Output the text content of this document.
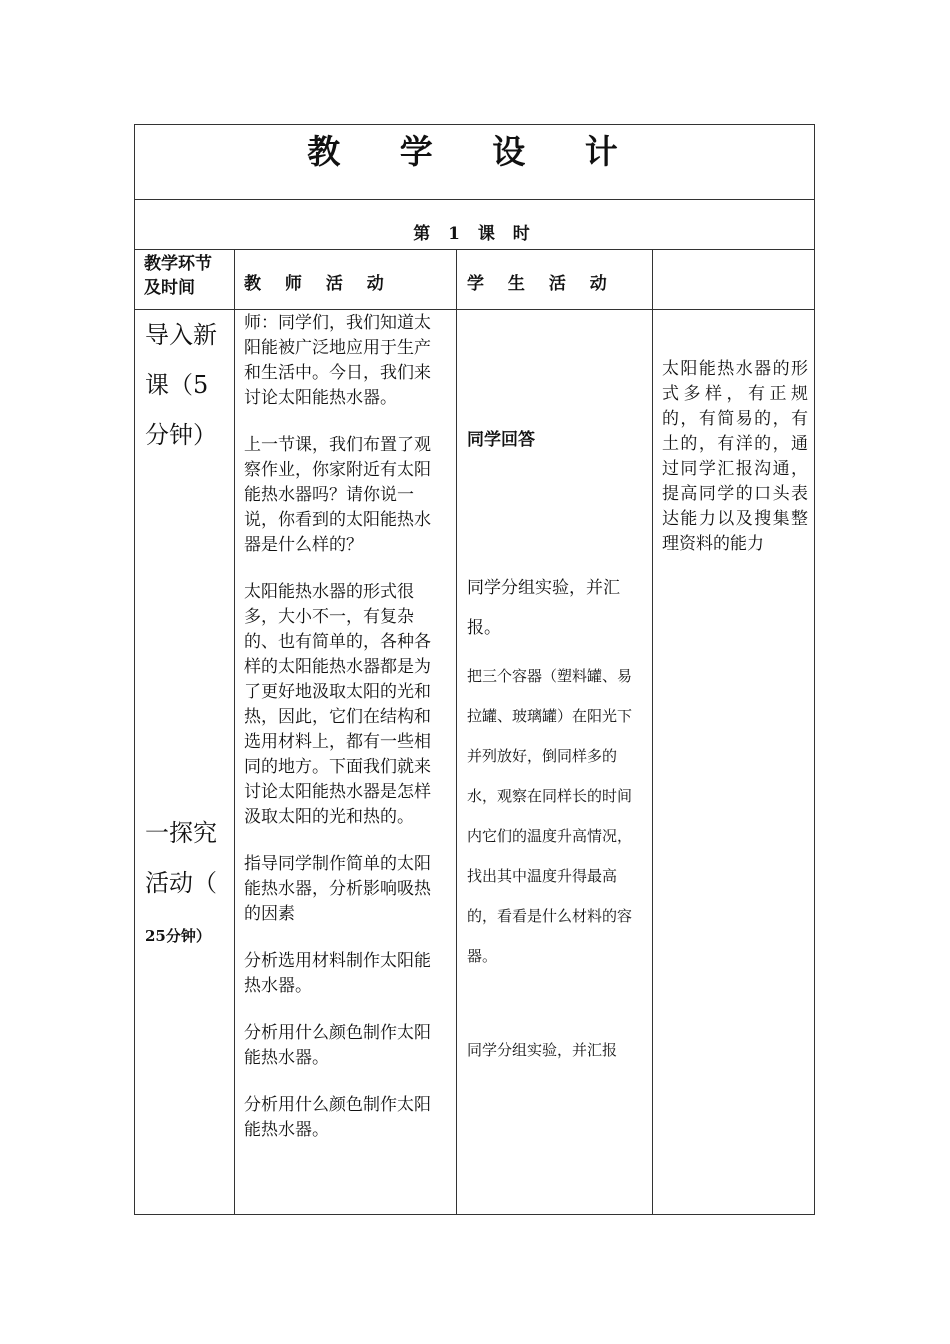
教 学 设 计
第 1 课 时
教学环节及时间	教 师 活 动	学 生 活 动
导入新课（5分钟）
一探究活动（
25分钟）

师：同学们，我们知道太阳能被广泛地应用于生产和生活中。今日，我们来讨论太阳能热水器。

上一节课，我们布置了观察作业，你家附近有太阳能热水器吗？请你说一说，你看到的太阳能热水器是什么样的？

太阳能热水器的形式很多，大小不一，有复杂的、也有简单的，各种各样的太阳能热水器都是为了更好地汲取太阳的光和热，因此，它们在结构和选用材料上，都有一些相同的地方。下面我们就来讨论太阳能热水器是怎样汲取太阳的光和热的。

指导同学制作简单的太阳能热水器，分析影响吸热的因素

分析选用材料制作太阳能热水器。

分析用什么颜色制作太阳能热水器。

分析用什么颜色制作太阳能热水器。

同学回答

同学分组实验，并汇报。

把三个容器（塑料罐、易拉罐、玻璃罐）在阳光下并列放好，倒同样多的水，观察在同样长的时间内它们的温度升高情况，找出其中温度升得最高的，看看是什么材料的容器。

同学分组实验，并汇报

太阳能热水器的形式多样，有正规的，有简易的，有土的，有洋的，通过同学汇报沟通，提高同学的口头表达能力以及搜集整理资料的能力
